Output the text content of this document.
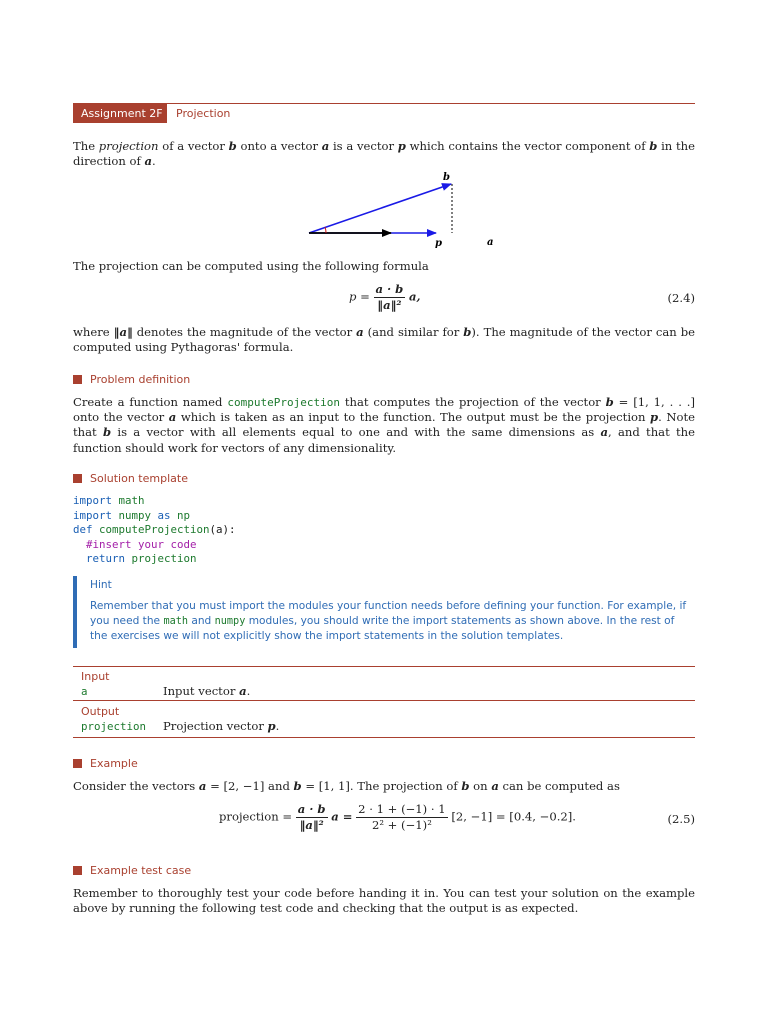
Assignment 2F	Projection

The projection of a vector b onto a vector a is a vector p which contains the vector component of b in the direction of a.

b
p	a

The projection can be computed using the following formula

$p = \frac{a \cdot b}{\text{‖a‖²}} a$,	(2.4)

where ‖a‖ denotes the magnitude of the vector a (and similar for b). The magnitude of the vector can be computed using Pythagoras' formula.

Problem definition

Create a function named computeProjection that computes the projection of the vector b = [1, 1, . . .] onto the vector a which is taken as an input to the function. The output must be the projection p. Note that b is a vector with all elements equal to one and with the same dimensions as a, and that the function should work for vectors of any dimensionality.

Solution template
import math
import numpy as np
def computeProjection(a):
#insert your code
return projection
Hint
Remember that you must import the modules your function needs before defining your function. For example, if you need the math and numpy modules, you should write the import statements as shown above. In the rest of the exercises we will not explicitly show the import statements in the solution templates.
Input
a	Input vector a.
Output
projection Projection vector p.
Example

Consider the vectors a = [2, −1] and b = [1, 1]. The projection of b on a can be computed as

projection = $\frac{a \cdot b}{\text{‖a‖²}}$ $a = \frac{2 \cdot 1 + (-1) \cdot 1}{\text{2² + (−1)²}} [2$, −1] = [0.4, −0.2].	(2.5)
Example test case

Remember to thoroughly test your code before handing it in. You can test your solution on the example above by running the following test code and checking that the output is as expected.
